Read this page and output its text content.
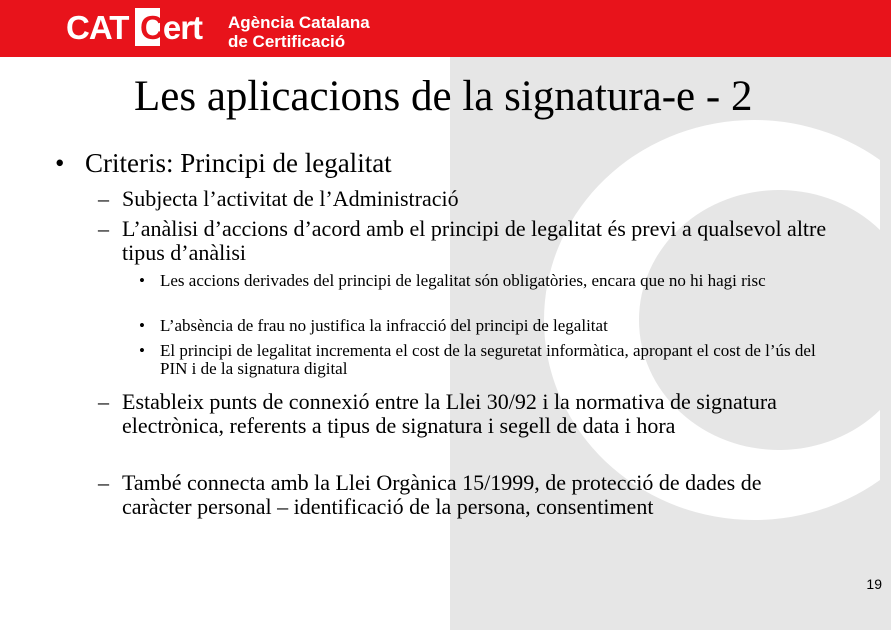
CAT Cert Agència Catalana
de Certificació
Les aplicacions de la signatura-e - 2
• Criteris: Principi de legalitat
– Subjecta l’activitat de l’Administració
– L’anàlisi d’accions d’acord amb el principi de legalitat és previ a qualsevol altre tipus d’anàlisi
• Les accions derivades del principi de legalitat són obligatòries, encara que no hi hagi risc
• L’absència de frau no justifica la infracció del principi de legalitat
• El principi de legalitat incrementa el cost de la seguretat informàtica, apropant el cost de l’ús del PIN i de la signatura digital
– Estableix punts de connexió entre la Llei 30/92 i la normativa de signatura electrònica, referents a tipus de signatura i segell de data i hora
– També connecta amb la Llei Orgànica 15/1999, de protecció de dades de caràcter personal – identificació de la persona, consentiment
19
